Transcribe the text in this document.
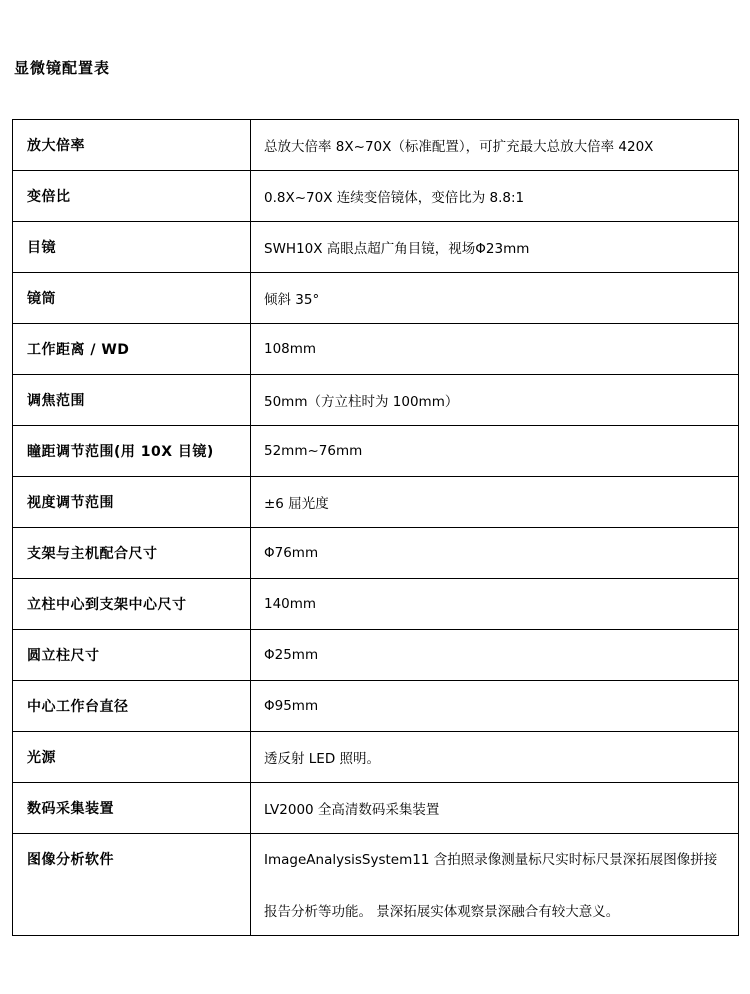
显微镜配置表
放大倍率	总放大倍率 8X~70X（标准配置），可扩充最大总放大倍率 420X
变倍比	0.8X~70X 连续变倍镜体，变倍比为 8.8:1
目镜	SWH10X 高眼点超广角目镜，视场Φ23mm
镜筒	倾斜 35°
工作距离 / WD	108mm
调焦范围	50mm（方立柱时为 100mm）
瞳距调节范围(用 10X 目镜)	52mm~76mm
视度调节范围	±6 屈光度
支架与主机配合尺寸	Φ76mm
立柱中心到支架中心尺寸	140mm
圆立柱尺寸	Φ25mm
中心工作台直径	Φ95mm
光源	透反射 LED 照明。
数码采集装置	LV2000 全高清数码采集装置
图像分析软件	ImageAnalysisSystem11 含拍照录像测量标尺实时标尺景深拓展图像拼接
报告分析等功能。 景深拓展实体观察景深融合有较大意义。
